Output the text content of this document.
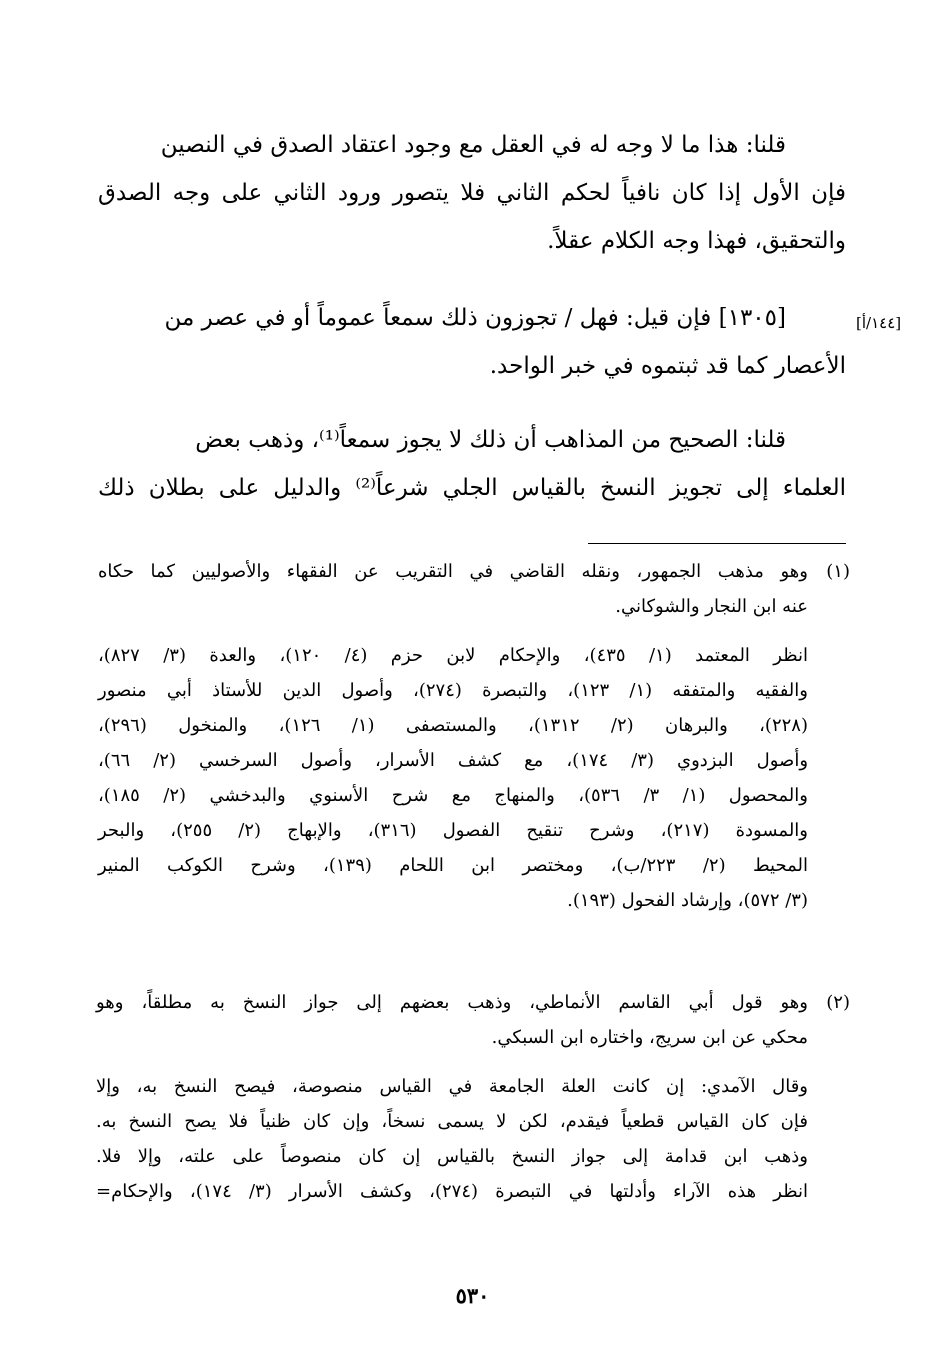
قلنا: هذا ما لا وجه له في العقل مع وجود اعتقاد الصدق في النصين
فإن الأول إذا كان نافياً لحكم الثاني فلا يتصور ورود الثاني على وجه الصدق
والتحقيق، فهذا وجه الكلام عقلاً.
[١٤٤/أ]
[١٣٠٥] فإن قيل: فهل / تجوزون ذلك سمعاً عموماً أو في عصر من
الأعصار كما قد ثبتموه في خبر الواحد.
قلنا: الصحيح من المذاهب أن ذلك لا يجوز سمعاً⁽¹⁾، وذهب بعض
العلماء إلى تجويز النسخ بالقياس الجلي شرعاً⁽²⁾ والدليل على بطلان ذلك
(١)
وهو مذهب الجمهور، ونقله القاضي في التقريب عن الفقهاء والأصوليين كما حكاه
عنه ابن النجار والشوكاني.
انظر المعتمد (١/ ٤٣٥)، والإحكام لابن حزم (٤/ ١٢٠)، والعدة (٣/ ٨٢٧)،
والفقيه والمتفقه (١/ ١٢٣)، والتبصرة (٢٧٤)، وأصول الدين للأستاذ أبي منصور
(٢٢٨)، والبرهان (٢/ ١٣١٢)، والمستصفى (١/ ١٢٦)، والمنخول (٢٩٦)،
وأصول البزدوي (٣/ ١٧٤)، مع كشف الأسرار، وأصول السرخسي (٢/ ٦٦)،
والمحصول (١/ ٣/ ٥٣٦)، والمنهاج مع شرح الأسنوي والبدخشي (٢/ ١٨٥)،
والمسودة (٢١٧)، وشرح تنقيح الفصول (٣١٦)، والإبهاج (٢/ ٢٥٥)، والبحر
المحيط (٢/ ٢٢٣/ب)، ومختصر ابن اللحام (١٣٩)، وشرح الكوكب المنير
(٣/ ٥٧٢)، وإرشاد الفحول (١٩٣).
(٢)
وهو قول أبي القاسم الأنماطي، وذهب بعضهم إلى جواز النسخ به مطلقاً، وهو
محكي عن ابن سريج، واختاره ابن السبكي.
وقال الآمدي: إن كانت العلة الجامعة في القياس منصوصة، فيصح النسخ به، وإلا
فإن كان القياس قطعياً فيقدم، لكن لا يسمى نسخاً، وإن كان ظنياً فلا يصح النسخ به.
وذهب ابن قدامة إلى جواز النسخ بالقياس إن كان منصوصاً على علته، وإلا فلا.
انظر هذه الآراء وأدلتها في التبصرة (٢٧٤)، وكشف الأسرار (٣/ ١٧٤)، والإحكام=
٥٣٠
